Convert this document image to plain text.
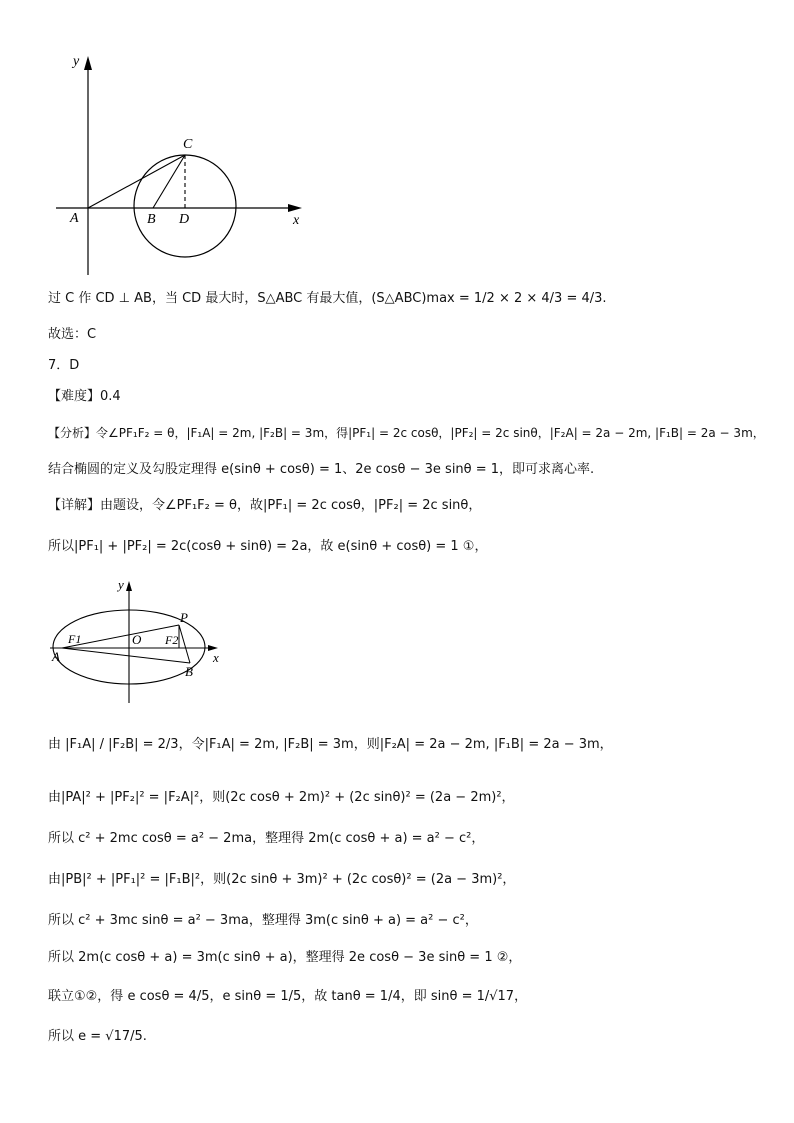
y
x
A	B
C
D
过 C 作 CD ⊥ AB，当 CD 最大时，S△ABC 有最大值，(S△ABC)max = 1/2 × 2 × 4/3 = 4/3.
故选：C
7．D
【难度】0.4
【分析】令∠PF₁F₂ = θ，|F₁A| = 2m, |F₂B| = 3m，得|PF₁| = 2c cosθ，|PF₂| = 2c sinθ，|F₂A| = 2a − 2m, |F₁B| = 2a − 3m，
结合椭圆的定义及勾股定理得 e(sinθ + cosθ) = 1、2e cosθ − 3e sinθ = 1，即可求离心率.
【详解】由题设，令∠PF₁F₂ = θ，故|PF₁| = 2c cosθ，|PF₂| = 2c sinθ，
所以|PF₁| + |PF₂| = 2c(cosθ + sinθ) = 2a，故 e(sinθ + cosθ) = 1 ①，
y
x
F1	O F2
P
A
B
由 |F₁A| / |F₂B| = 2/3，令|F₁A| = 2m, |F₂B| = 3m，则|F₂A| = 2a − 2m, |F₁B| = 2a − 3m，
由|PA|² + |PF₂|² = |F₂A|²，则(2c cosθ + 2m)² + (2c sinθ)² = (2a − 2m)²，
所以 c² + 2mc cosθ = a² − 2ma，整理得 2m(c cosθ + a) = a² − c²，
由|PB|² + |PF₁|² = |F₁B|²，则(2c sinθ + 3m)² + (2c cosθ)² = (2a − 3m)²，
所以 c² + 3mc sinθ = a² − 3ma，整理得 3m(c sinθ + a) = a² − c²，
所以 2m(c cosθ + a) = 3m(c sinθ + a)，整理得 2e cosθ − 3e sinθ = 1 ②，
联立①②，得 e cosθ = 4/5，e sinθ = 1/5，故 tanθ = 1/4，即 sinθ = 1/√17，
所以 e = √17/5.
